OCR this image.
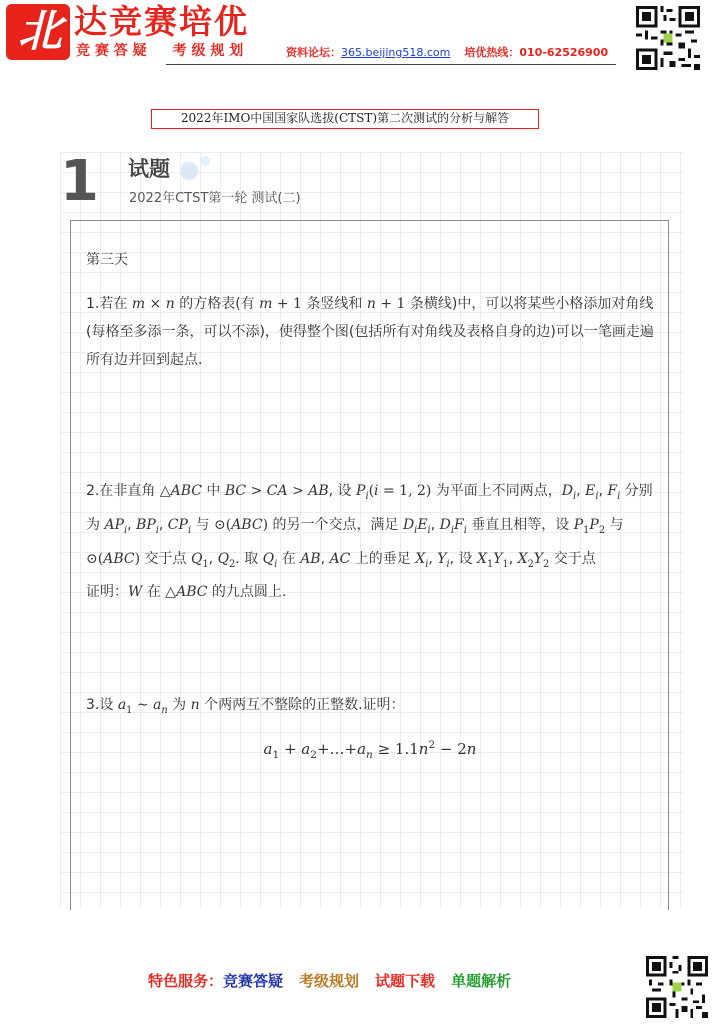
北 达竞赛培优
竞 赛 答 疑 考 级 规 划	资料论坛：365.beijing518.com 培优热线：010-62526900
2022年IMO中国国家队选拔(CTST)第二次测试的分析与解答
1 试题
2022年CTST第一轮 测试(二)
第三天
1.若在 m × n 的方格表(有 m + 1 条竖线和 n + 1 条横线)中，可以将某些小格添加对角线(每格至多添一条，可以不添)，使得整个图(包括所有对角线及表格自身的边)可以一笔画走遍所有边并回到起点.
2.在非直角 △ABC 中 BC > CA > AB, 设 $P_i(i = 1$, 2) 为平面上不同两点，$D_i$, $E_i$, $F_i$ 分别为 $AP_i$, $BP_i$, $CP_i$ 与 ⊙(ABC) 的另一个交点，满足 $D_iE_i$, $D_iF_i$ 垂直且相等，设 $P_1P_2$ 与 ⊙(ABC) 交于点 $Q_1$, $Q_2$. 取 $Q_i$ 在 AB, AC 上的垂足 $X_i$, $Y_i$, 设 $X_1Y_1$, $X_2Y_2$ 交于点
证明：W 在 △ABC 的九点圆上.
3.设 $a_1$ ∼ $a_n$ 为 n 个两两互不整除的正整数.证明：
$a_1$ + $a_2+\dots+a_n \ge 1.1n^2 - 2n$
特色服务：竞赛答疑 考级规划 试题下载 单题解析
